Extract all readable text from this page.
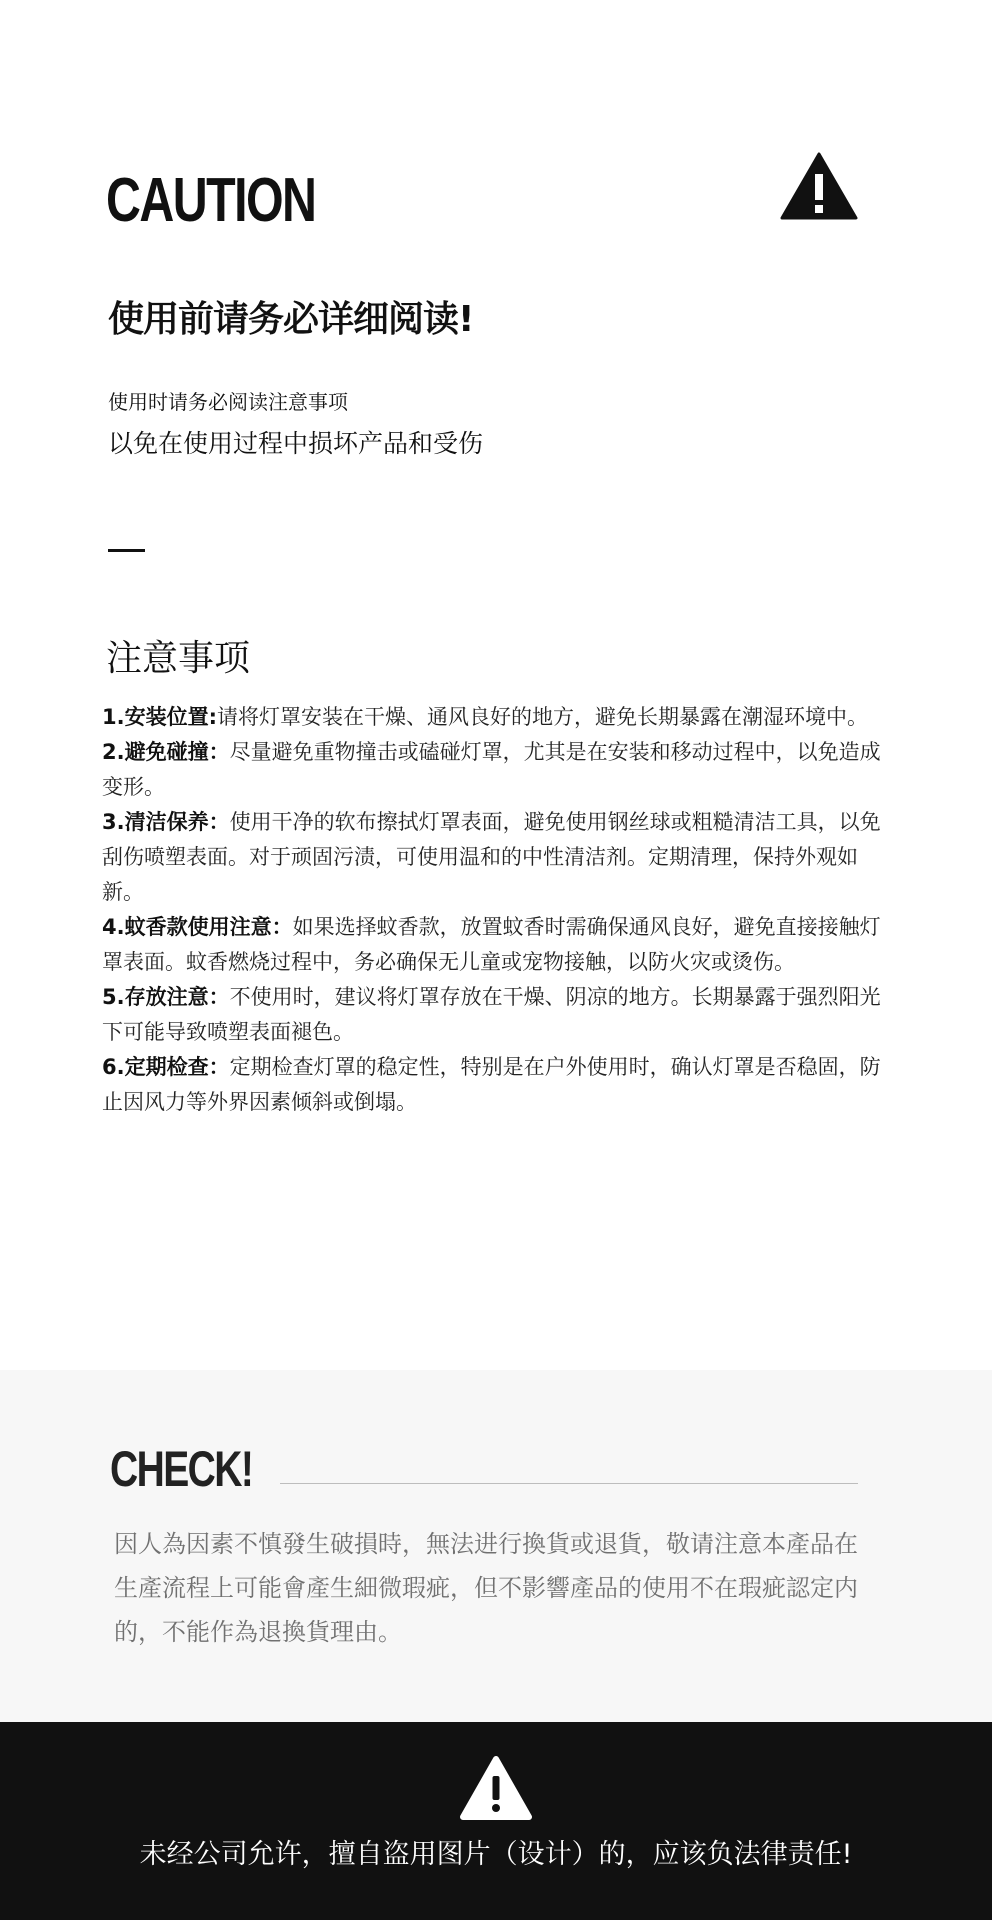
CAUTION
使用前请务必详细阅读!
使用时请务必阅读注意事项
以免在使用过程中损坏产品和受伤
注意事项
1.安装位置:请将灯罩安装在干燥、通风良好的地方，避免长期暴露在潮湿环境中。
2.避免碰撞：尽量避免重物撞击或磕碰灯罩，尤其是在安装和移动过程中，以免造成变形。
3.清洁保养：使用干净的软布擦拭灯罩表面，避免使用钢丝球或粗糙清洁工具，以免刮伤喷塑表面。对于顽固污渍，可使用温和的中性清洁剂。定期清理，保持外观如新。
4.蚊香款使用注意：如果选择蚊香款，放置蚊香时需确保通风良好，避免直接接触灯罩表面。蚊香燃烧过程中，务必确保无儿童或宠物接触，以防火灾或烫伤。
5.存放注意：不使用时，建议将灯罩存放在干燥、阴凉的地方。长期暴露于强烈阳光下可能导致喷塑表面褪色。
6.定期检查：定期检查灯罩的稳定性，特别是在户外使用时，确认灯罩是否稳固，防止因风力等外界因素倾斜或倒塌。
CHECK!

因人為因素不慎發生破損時，無法进行換貨或退貨，敬请注意本產品在生產流程上可能會產生細微瑕疵，但不影響產品的使用不在瑕疵認定内的，不能作為退換貨理由。

未经公司允许，擅自盗用图片（设计）的，应该负法律责任!
